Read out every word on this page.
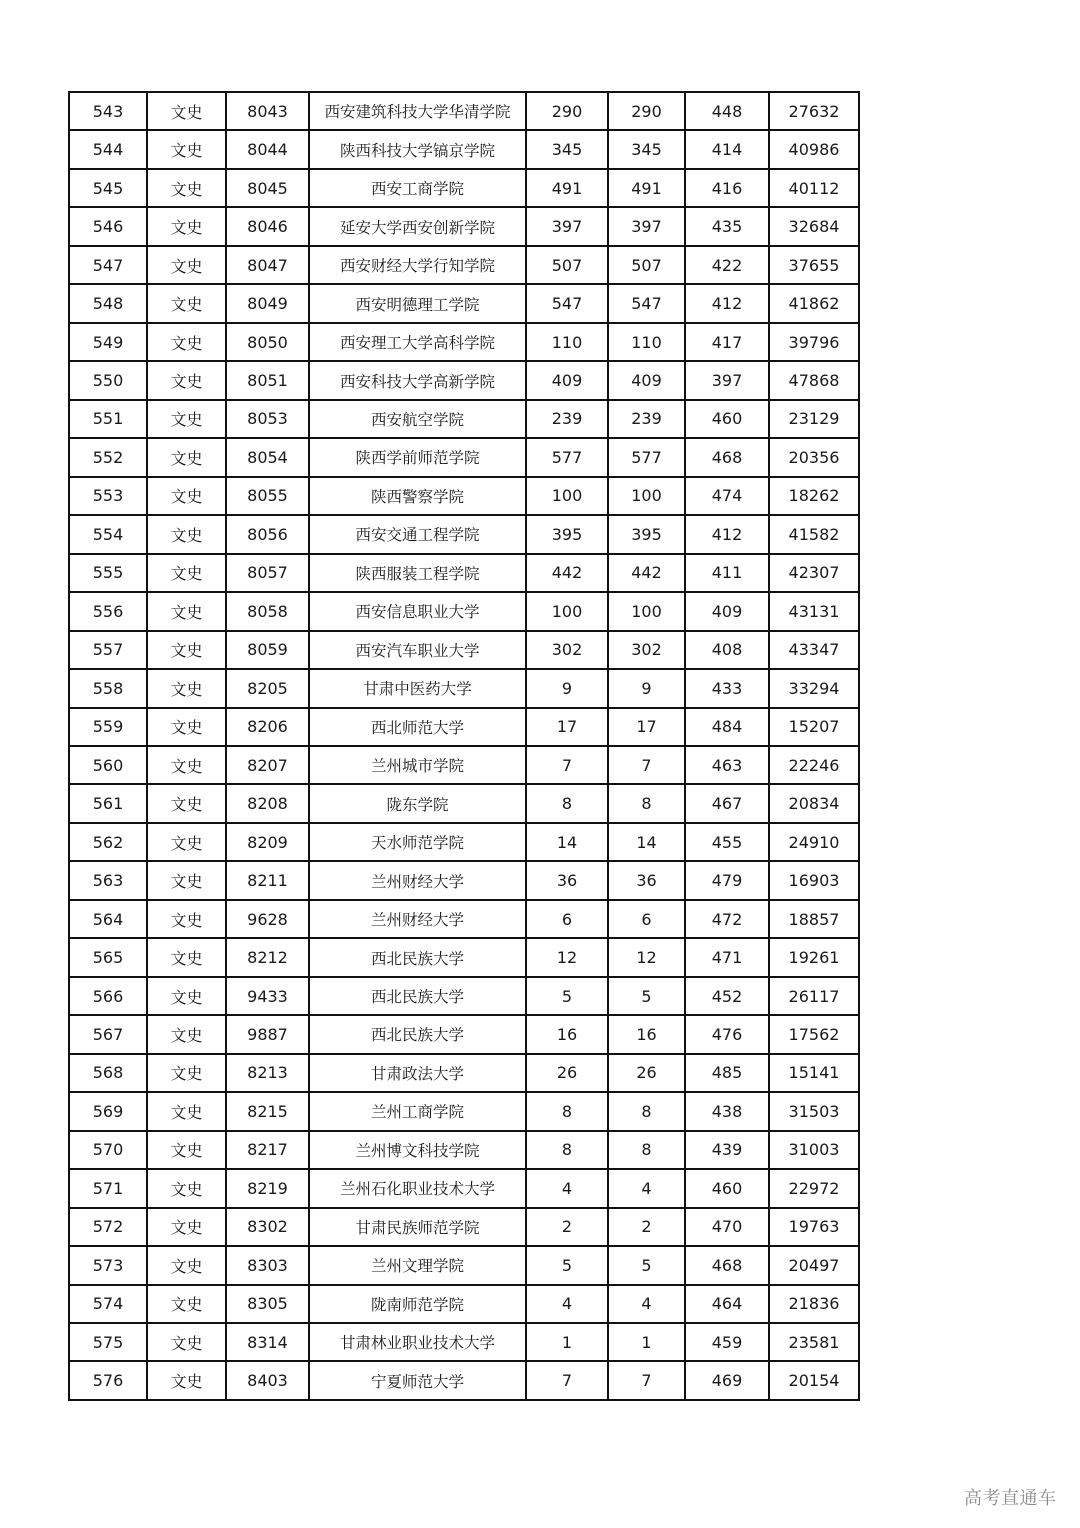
543	文史	8043	西安建筑科技大学华清学院	290	290	448	27632
544	文史	8044	陕西科技大学镐京学院	345	345	414	40986
545	文史	8045	西安工商学院	491	491	416	40112
546	文史	8046	延安大学西安创新学院	397	397	435	32684
547	文史	8047	西安财经大学行知学院	507	507	422	37655
548	文史	8049	西安明德理工学院	547	547	412	41862
549	文史	8050	西安理工大学高科学院	110	110	417	39796
550	文史	8051	西安科技大学高新学院	409	409	397	47868
551	文史	8053	西安航空学院	239	239	460	23129
552	文史	8054	陕西学前师范学院	577	577	468	20356
553	文史	8055	陕西警察学院	100	100	474	18262
554	文史	8056	西安交通工程学院	395	395	412	41582
555	文史	8057	陕西服装工程学院	442	442	411	42307
556	文史	8058	西安信息职业大学	100	100	409	43131
557	文史	8059	西安汽车职业大学	302	302	408	43347
558	文史	8205	甘肃中医药大学	9	9	433	33294
559	文史	8206	西北师范大学	17	17	484	15207
560	文史	8207	兰州城市学院	7	7	463	22246
561	文史	8208	陇东学院	8	8	467	20834
562	文史	8209	天水师范学院	14	14	455	24910
563	文史	8211	兰州财经大学	36	36	479	16903
564	文史	9628	兰州财经大学	6	6	472	18857
565	文史	8212	西北民族大学	12	12	471	19261
566	文史	9433	西北民族大学	5	5	452	26117
567	文史	9887	西北民族大学	16	16	476	17562
568	文史	8213	甘肃政法大学	26	26	485	15141
569	文史	8215	兰州工商学院	8	8	438	31503
570	文史	8217	兰州博文科技学院	8	8	439	31003
571	文史	8219	兰州石化职业技术大学	4	4	460	22972
572	文史	8302	甘肃民族师范学院	2	2	470	19763
573	文史	8303	兰州文理学院	5	5	468	20497
574	文史	8305	陇南师范学院	4	4	464	21836
575	文史	8314	甘肃林业职业技术大学	1	1	459	23581
576	文史	8403	宁夏师范大学	7	7	469	20154
高考直通车
